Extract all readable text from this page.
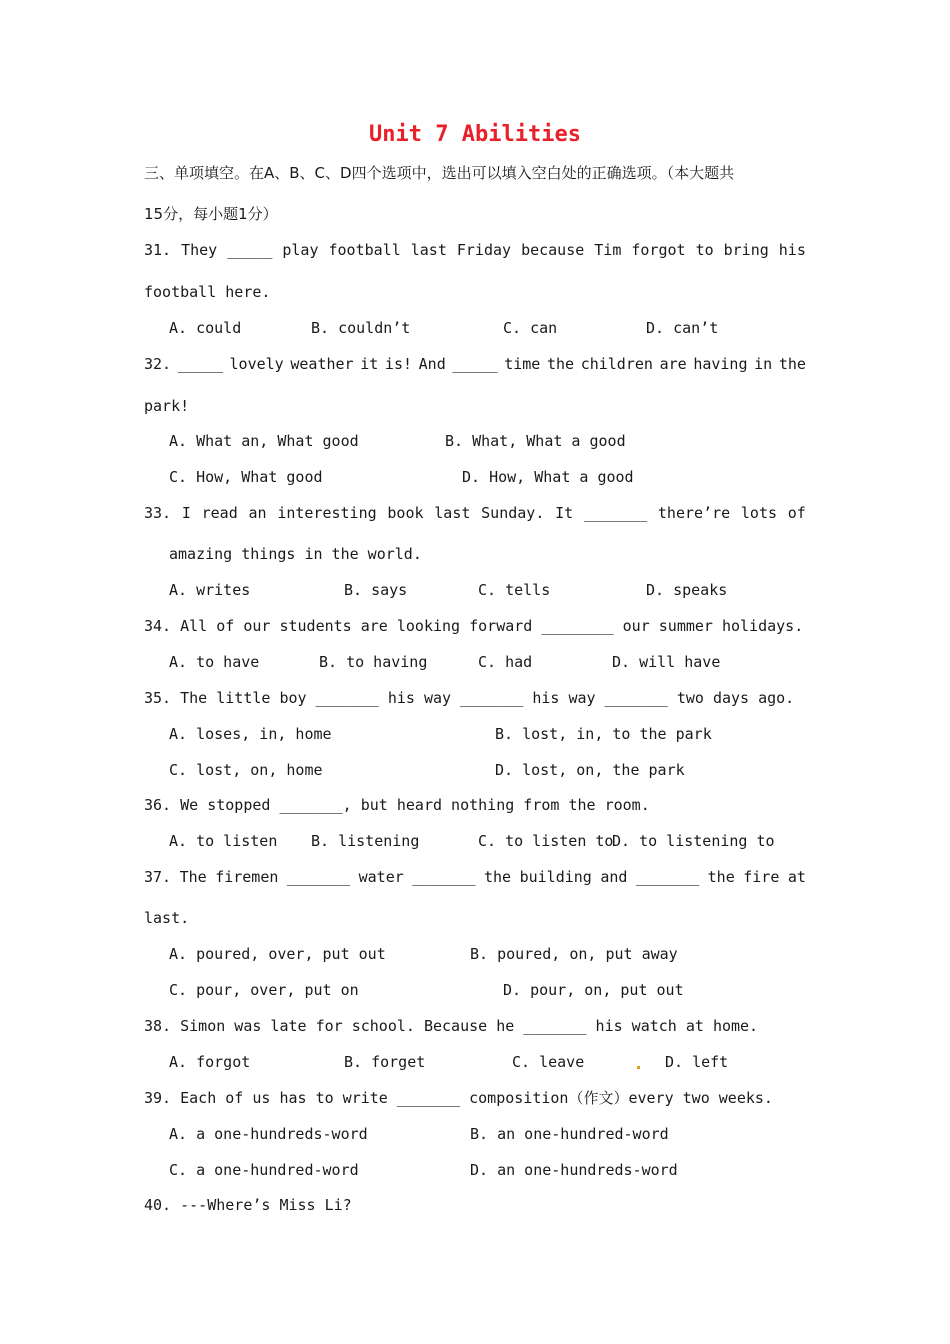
Unit 7 Abilities
三、单项填空。在A、B、C、D四个选项中，选出可以填入空白处的正确选项。（本大题共
15分，每小题1分）
31. They _____ play football last Friday because Tim forgot to bring his
football here.
A. could	B. couldn’t	C. can	D. can’t
32. _____ lovely weather it is! And _____ time the children are having in the
park!
A. What an, What good	B. What, What a good
C. How, What good	D. How, What a good
33. I read an interesting book last Sunday. It _______ there’re lots of
amazing things in the world.
A. writes	B. says	C. tells	D. speaks
34. All of our students are looking forward ________ our summer holidays.
A. to have	B. to having	C. had	D. will have
35. The little boy _______ his way _______ his way _______ two days ago.
A. loses, in, home	B. lost, in, to the park
C. lost, on, home	D. lost, on, the park
36. We stopped _______, but heard nothing from the room.
A. to listen B. listening	C. to listen to
D. to listening to
37. The firemen _______ water _______ the building and _______ the fire at
last.
A. poured, over, put out	B. poured, on, put away
C. pour, over, put on	D. pour, on, put out
38. Simon was late for school. Because he _______ his watch at home.
A. forgot	B. forget	C. leave	D. left
39. Each of us has to write _______ composition（作文）every two weeks.
A. a one-hundreds-word	B. an one-hundred-word
C. a one-hundred-word	D. an one-hundreds-word
40. ---Where’s Miss Li?
